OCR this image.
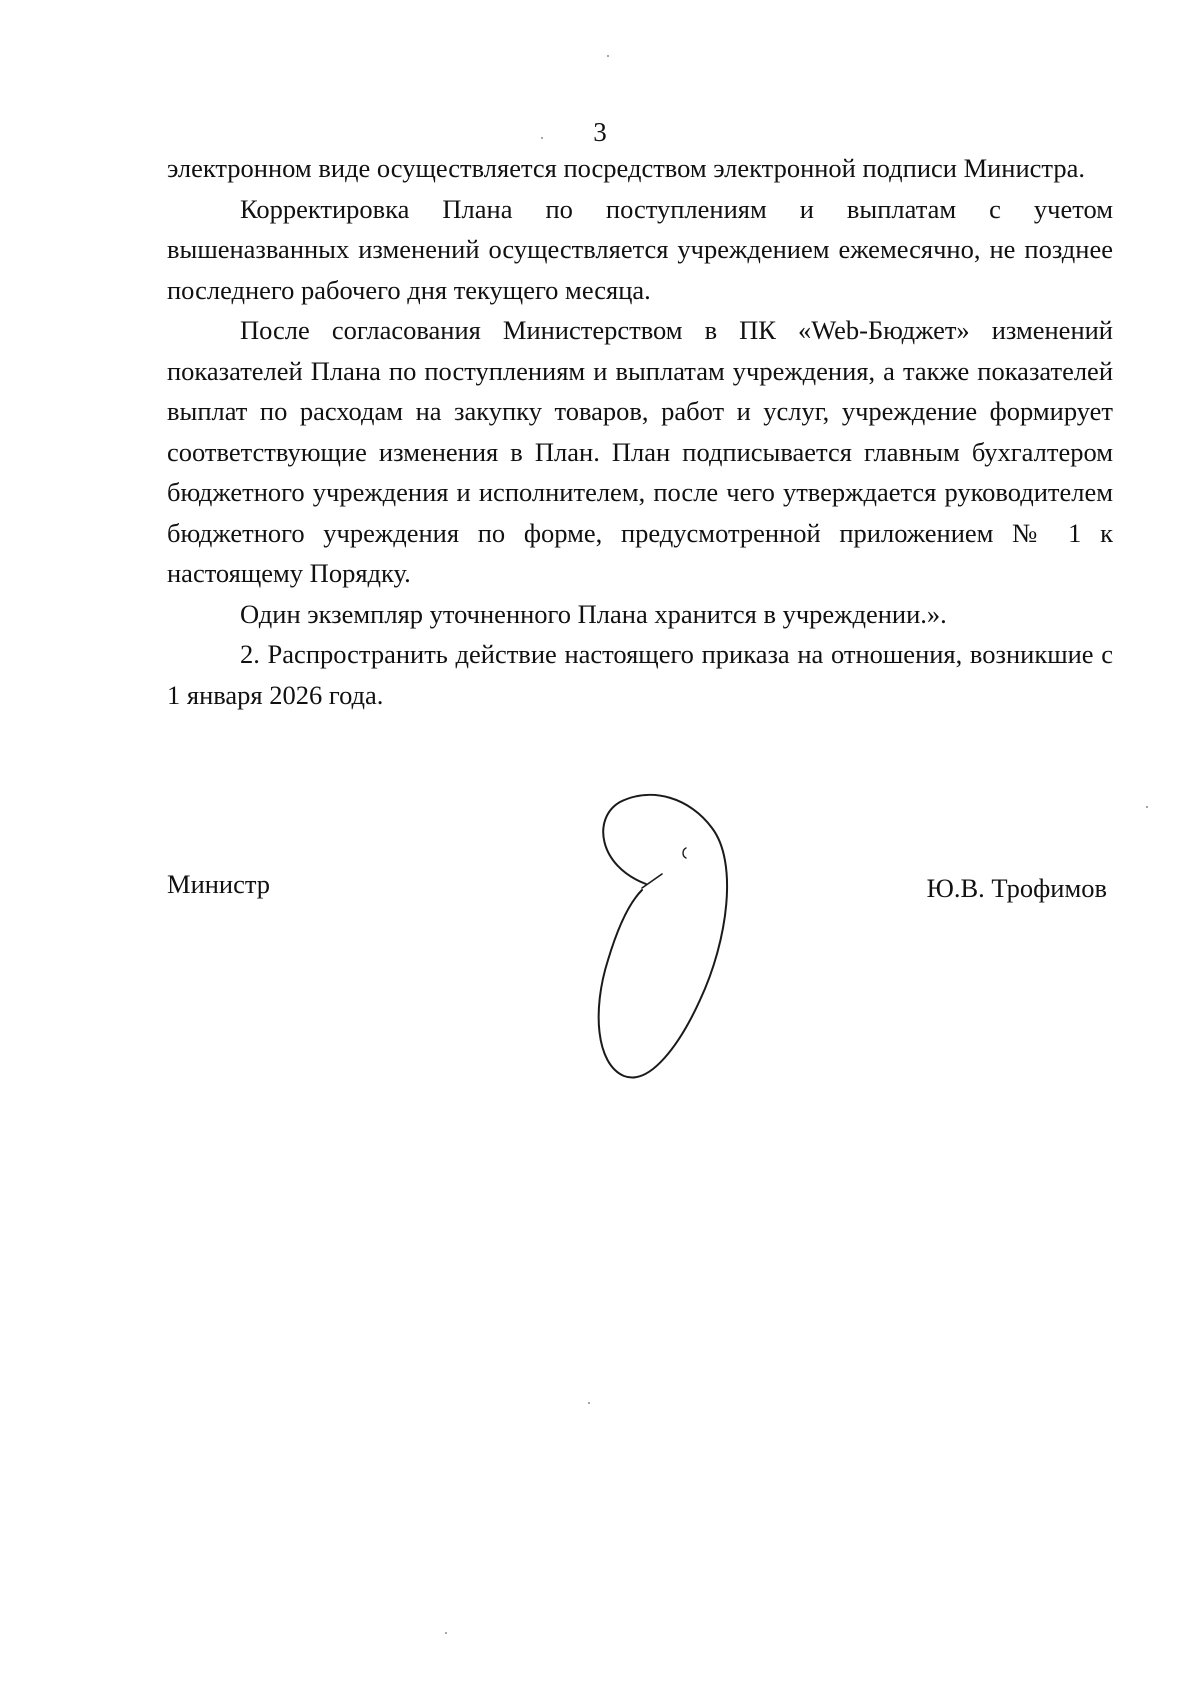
3

электронном виде осуществляется посредством электронной подписи Министра.

Корректировка Плана по поступлениям и выплатам с учетом вышеназванных изменений осуществляется учреждением ежемесячно, не позднее последнего рабочего дня текущего месяца.

После согласования Министерством в ПК «Web-Бюджет» изменений показателей Плана по поступлениям и выплатам учреждения, а также показателей выплат по расходам на закупку товаров, работ и услуг, учреждение формирует соответствующие изменения в План. План подписывается главным бухгалтером бюджетного учреждения и исполнителем, после чего утверждается руководителем бюджетного учреждения по форме, предусмотренной приложением № 1 к настоящему Порядку.

Один экземпляр уточненного Плана хранится в учреждении.».

2. Распространить действие настоящего приказа на отношения, возникшие с 1 января 2026 года.

Министр	Ю.В. Трофимов
